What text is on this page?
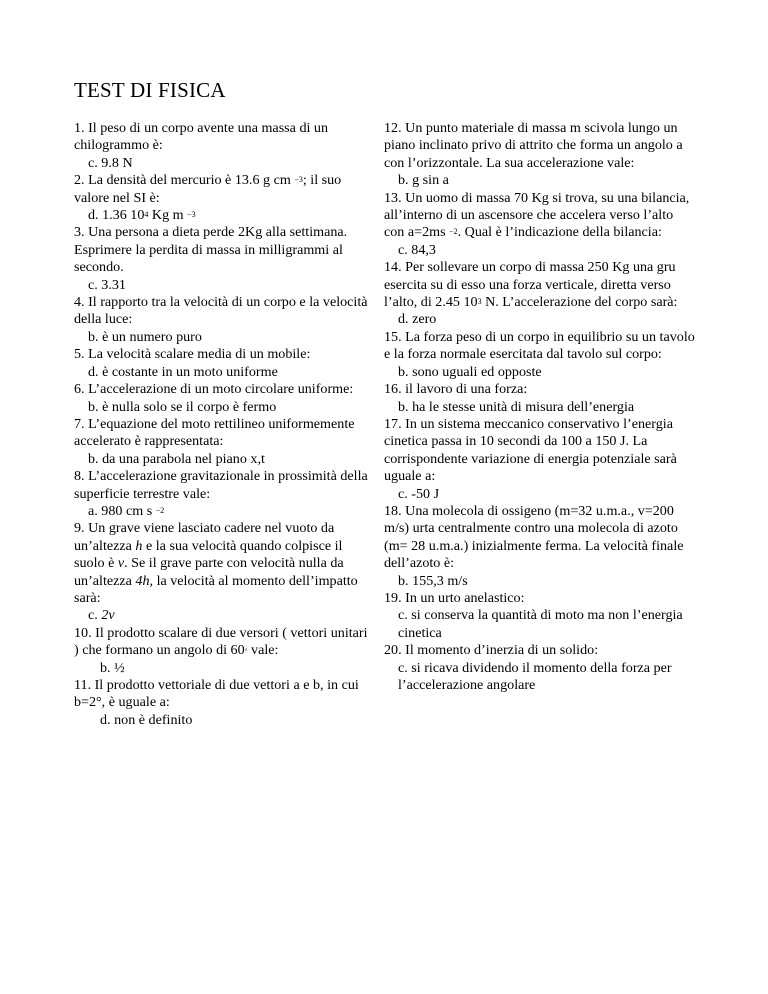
TEST DI FISICA

1. Il peso di un corpo avente una massa di un chilogrammo è:

c. 9.8 N

2. La densità del mercurio è 13.6 g cm $^{-3}$; il suo valore nel SI è:

d. 1.36 $10^4$ Kg m $^{-3}$

3. Una persona a dieta perde 2Kg alla settimana. Esprimere la perdita di massa in milligrammi al secondo.

c. 3.31

4. Il rapporto tra la velocità di un corpo e la velocità della luce:

b. è un numero puro

5. La velocità scalare media di un mobile:

d. è costante in un moto uniforme

6. L’accelerazione di un moto circolare uniforme:

b. è nulla solo se il corpo è fermo

7. L’equazione del moto rettilineo uniformemente accelerato è rappresentata:

b. da una parabola nel piano x,t

8. L’accelerazione gravitazionale in prossimità della superficie terrestre vale:

a. 980 cm s $^{-2}$

9. Un grave viene lasciato cadere nel vuoto da un’altezza h e la sua velocità quando colpisce il suolo è v. Se il grave parte con velocità nulla da un’altezza 4h, la velocità al momento dell’impatto sarà:

c. 2v

10. Il prodotto scalare di due versori ( vettori unitari ) che formano un angolo di 60◦ vale:

b. ½

11. Il prodotto vettoriale di due vettori a e b, in cui b=2°, è uguale a:

d. non è definito

12. Un punto materiale di massa m scivola lungo un piano inclinato privo di attrito che forma un angolo a con l’orizzontale. La sua accelerazione vale:

b. g sin a

13. Un uomo di massa 70 Kg si trova, su una bilancia, all’interno di un ascensore che accelera verso l’alto con a=2ms $^{-2}$. Qual è l’indicazione della bilancia:

c. 84,3

14. Per sollevare un corpo di massa 250 Kg una gru esercita su di esso una forza verticale, diretta verso l’alto, di 2.45 $10^3$ N. L’accelerazione del corpo sarà:

d. zero

15. La forza peso di un corpo in equilibrio su un tavolo e la forza normale esercitata dal tavolo sul corpo:

b. sono uguali ed opposte

16. il lavoro di una forza:

b. ha le stesse unità di misura dell’energia

17. In un sistema meccanico conservativo l’energia cinetica passa in 10 secondi da 100 a 150 J. La corrispondente variazione di energia potenziale sarà uguale a:

c. -50 J

18. Una molecola di ossigeno (m=32 u.m.a., v=200 m/s) urta centralmente contro una molecola di azoto (m= 28 u.m.a.) inizialmente ferma. La velocità finale dell’azoto è:

b. 155,3 m/s

19. In un urto anelastico:

c. si conserva la quantità di moto ma non l’energia cinetica

20. Il momento d’inerzia di un solido:

c. si ricava dividendo il momento della forza per l’accelerazione angolare
